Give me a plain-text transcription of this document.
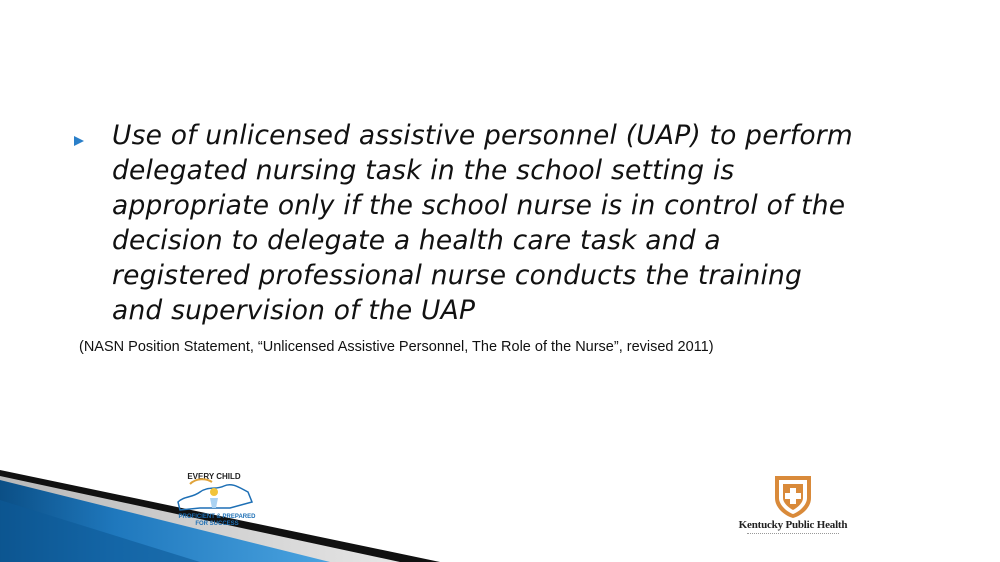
Use of unlicensed assistive personnel (UAP) to perform delegated nursing task in the school setting is appropriate only if the school nurse is in control of the decision to delegate a health care task and a registered professional nurse conducts the training and supervision of the UAP
(NASN Position Statement, “Unlicensed Assistive Personnel, The Role of the Nurse”, revised 2011)
EVERY CHILD
PROFICIENT & PREPARED FOR SUCCESS	Kentucky Public Health
